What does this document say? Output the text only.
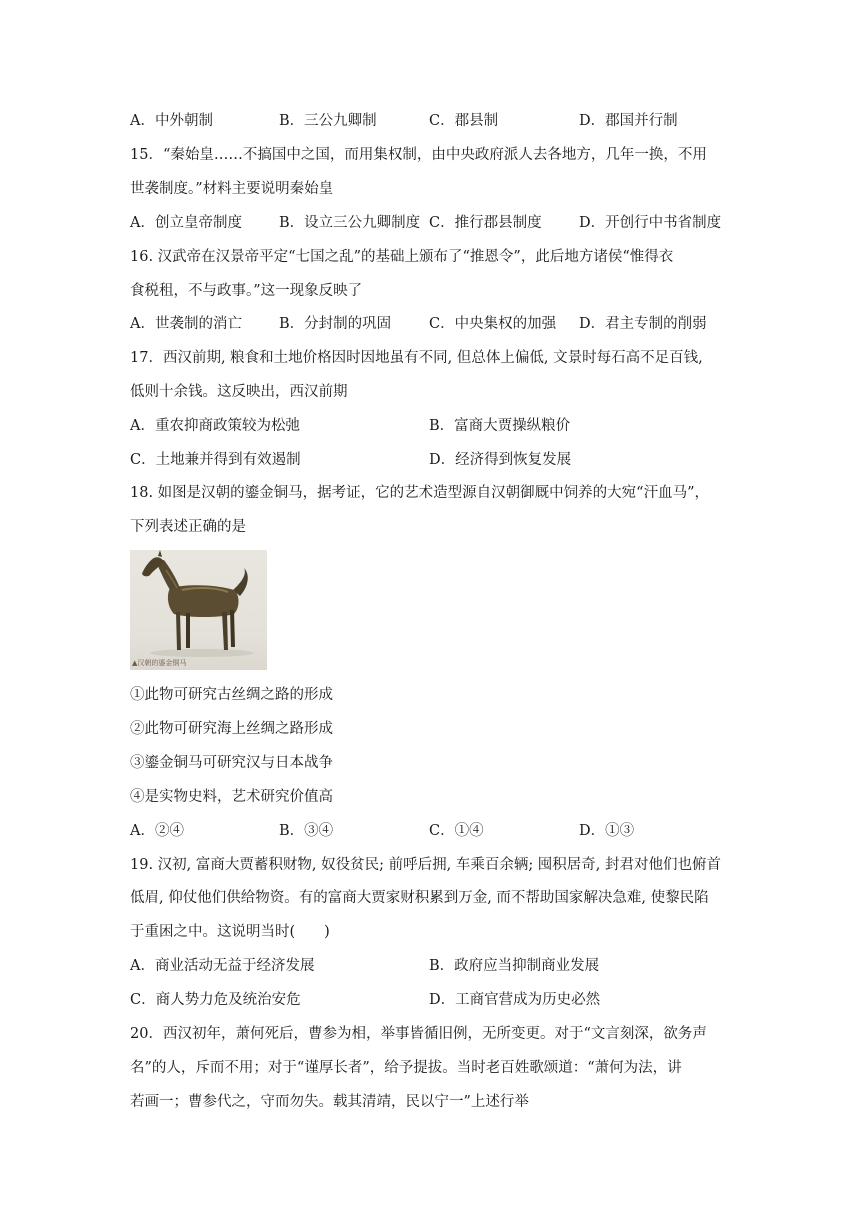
A．中外朝制	B．三公九卿制	C．郡县制	D．郡国并行制
15．“秦始皇……不搞国中之国，而用集权制，由中央政府派人去各地方，几年一换，不用
世袭制度。”材料主要说明秦始皇
A．创立皇帝制度	B．设立三公九卿制度 C．推行郡县制度	D．开创行中书省制度
16. 汉武帝在汉景帝平定“七国之乱”的基础上颁布了“推恩令”，此后地方诸侯“惟得衣
食税租，不与政事。”这一现象反映了
A．世袭制的消亡	B．分封制的巩固	C．中央集权的加强 D．君主专制的削弱
17．西汉前期, 粮食和土地价格因时因地虽有不同, 但总体上偏低, 文景时每石高不足百钱,
低则十余钱。这反映出，西汉前期
A．重农抑商政策较为松弛	B．富商大贾操纵粮价
C．土地兼并得到有效遏制	D．经济得到恢复发展
18. 如图是汉朝的鎏金铜马，据考证，它的艺术造型源自汉朝御厩中饲养的大宛“汗血马”，
下列表述正确的是
▲汉朝的鎏金铜马
①此物可研究古丝绸之路的形成
②此物可研究海上丝绸之路形成
③鎏金铜马可研究汉与日本战争
④是实物史料，艺术研究价值高
A．②④	B．③④	C．①④	D．①③
19. 汉初, 富商大贾蓄积财物, 奴役贫民; 前呼后拥, 车乘百余辆; 囤积居奇, 封君对他们也俯首
低眉, 仰仗他们供给物资。有的富商大贾家财积累到万金, 而不帮助国家解决急难, 使黎民陷
于重困之中。这说明当时(　　)
A．商业活动无益于经济发展	B．政府应当抑制商业发展
C．商人势力危及统治安危	D．工商官营成为历史必然
20．西汉初年，萧何死后，曹参为相，举事皆循旧例，无所变更。对于“文言刻深，欲务声
名”的人，斥而不用；对于“谨厚长者”，给予提拔。当时老百姓歌颂道：“萧何为法，讲
若画一；曹参代之，守而勿失。载其清靖，民以宁一”上述行举
